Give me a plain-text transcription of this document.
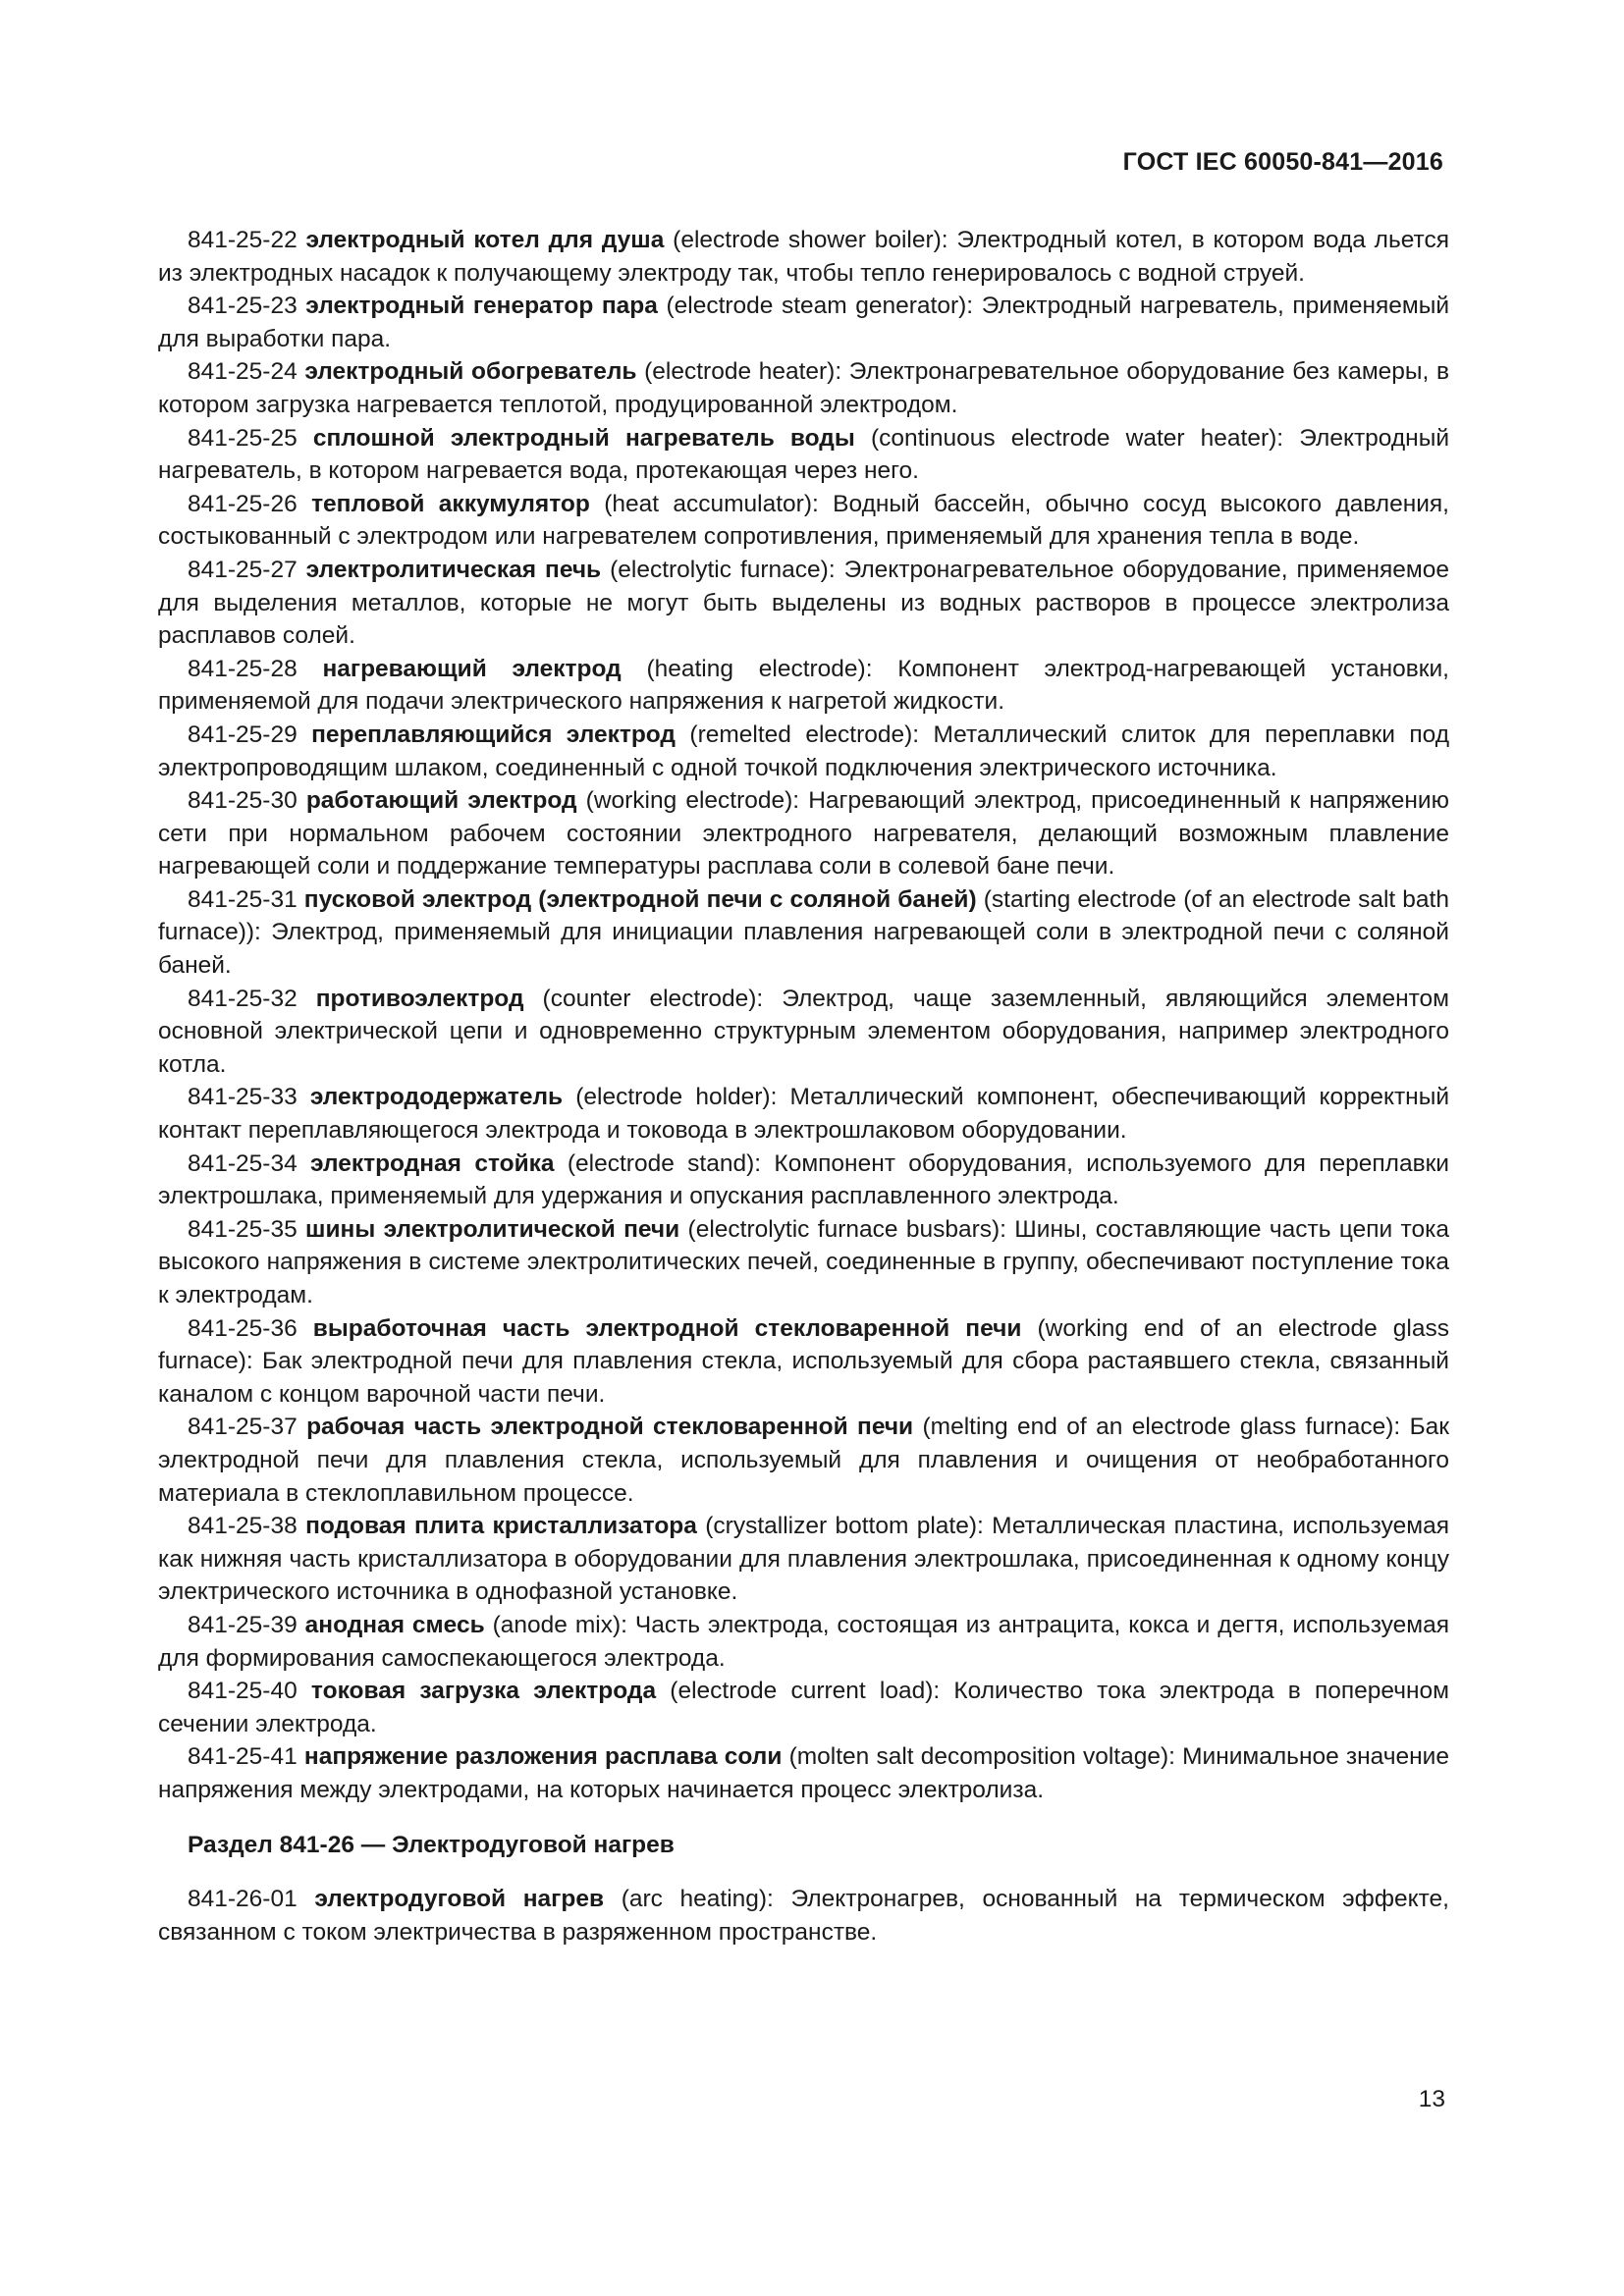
ГОСТ IEC 60050-841—2016

841-25-22 электродный котел для душа (electrode shower boiler): Электродный котел, в котором вода льется из электродных насадок к получающему электроду так, чтобы тепло генерировалось с водной струей.

841-25-23 электродный генератор пара (electrode steam generator): Электродный нагреватель, применяемый для выработки пара.

841-25-24 электродный обогреватель (electrode heater): Электронагревательное оборудование без камеры, в котором загрузка нагревается теплотой, продуцированной электродом.

841-25-25 сплошной электродный нагреватель воды (continuous electrode water heater): Электродный нагреватель, в котором нагревается вода, протекающая через него.

841-25-26 тепловой аккумулятор (heat accumulator): Водный бассейн, обычно сосуд высокого давления, состыкованный с электродом или нагревателем сопротивления, применяемый для хранения тепла в воде.

841-25-27 электролитическая печь (electrolytic furnace): Электронагревательное оборудование, применяемое для выделения металлов, которые не могут быть выделены из водных растворов в процессе электролиза расплавов солей.

841-25-28 нагревающий электрод (heating electrode): Компонент электрод-нагревающей установки, применяемой для подачи электрического напряжения к нагретой жидкости.

841-25-29 переплавляющийся электрод (remelted electrode): Металлический слиток для переплавки под электропроводящим шлаком, соединенный с одной точкой подключения электрического источника.

841-25-30 работающий электрод (working electrode): Нагревающий электрод, присоединенный к напряжению сети при нормальном рабочем состоянии электродного нагревателя, делающий возможным плавление нагревающей соли и поддержание температуры расплава соли в солевой бане печи.

841-25-31 пусковой электрод (электродной печи с соляной баней) (starting electrode (of an electrode salt bath furnace)): Электрод, применяемый для инициации плавления нагревающей соли в электродной печи с соляной баней.

841-25-32 противоэлектрод (counter electrode): Электрод, чаще заземленный, являющийся элементом основной электрической цепи и одновременно структурным элементом оборудования, например электродного котла.

841-25-33 электрододержатель (electrode holder): Металлический компонент, обеспечивающий корректный контакт переплавляющегося электрода и токовода в электрошлаковом оборудовании.

841-25-34 электродная стойка (electrode stand): Компонент оборудования, используемого для переплавки электрошлака, применяемый для удержания и опускания расплавленного электрода.

841-25-35 шины электролитической печи (electrolytic furnace busbars): Шины, составляющие часть цепи тока высокого напряжения в системе электролитических печей, соединенные в группу, обеспечивают поступление тока к электродам.

841-25-36 выработочная часть электродной стекловаренной печи (working end of an electrode glass furnace): Бак электродной печи для плавления стекла, используемый для сбора растаявшего стекла, связанный каналом с концом варочной части печи.

841-25-37 рабочая часть электродной стекловаренной печи (melting end of an electrode glass furnace): Бак электродной печи для плавления стекла, используемый для плавления и очищения от необработанного материала в стеклоплавильном процессе.

841-25-38 подовая плита кристаллизатора (crystallizer bottom plate): Металлическая пластина, используемая как нижняя часть кристаллизатора в оборудовании для плавления электрошлака, присоединенная к одному концу электрического источника в однофазной установке.

841-25-39 анодная смесь (anode mix): Часть электрода, состоящая из антрацита, кокса и дегтя, используемая для формирования самоспекающегося электрода.

841-25-40 токовая загрузка электрода (electrode current load): Количество тока электрода в поперечном сечении электрода.

841-25-41 напряжение разложения расплава соли (molten salt decomposition voltage): Минимальное значение напряжения между электродами, на которых начинается процесс электролиза.

Раздел 841-26 — Электродуговой нагрев

841-26-01 электродуговой нагрев (arc heating): Электронагрев, основанный на термическом эффекте, связанном с током электричества в разряженном пространстве.

13
